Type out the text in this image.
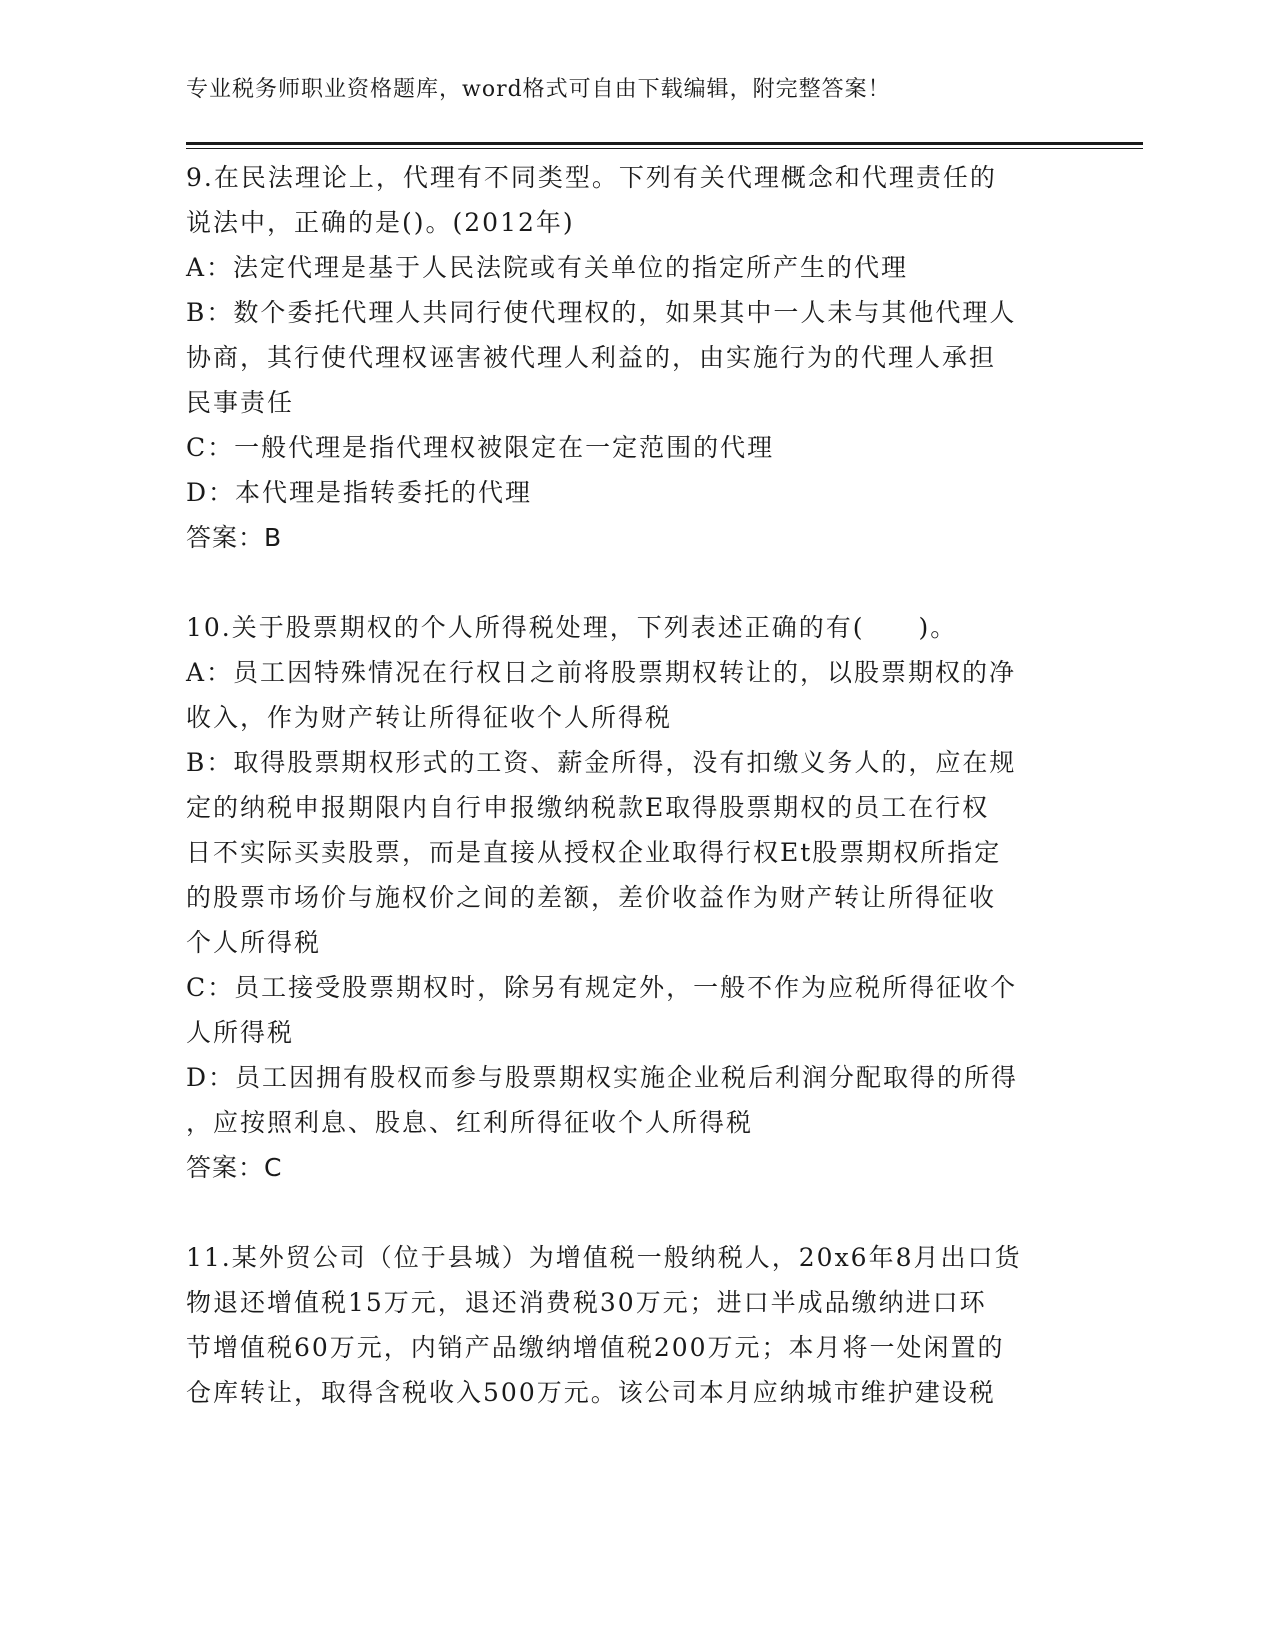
专业税务师职业资格题库，word格式可自由下载编辑，附完整答案！
9.在民法理论上，代理有不同类型。下列有关代理概念和代理责任的
说法中，正确的是()。(2012年)
A：法定代理是基于人民法院或有关单位的指定所产生的代理
B：数个委托代理人共同行使代理权的，如果其中一人未与其他代理人
协商，其行使代理权诬害被代理人利益的，由实施行为的代理人承担
民事责任
C：一般代理是指代理权被限定在一定范围的代理
D：本代理是指转委托的代理
答案：B
10.关于股票期权的个人所得税处理，下列表述正确的有(　　)。
A：员工因特殊情况在行权日之前将股票期权转让的，以股票期权的净
收入，作为财产转让所得征收个人所得税
B：取得股票期权形式的工资、薪金所得，没有扣缴义务人的，应在规
定的纳税申报期限内自行申报缴纳税款E取得股票期权的员工在行权
日不实际买卖股票，而是直接从授权企业取得行权Et股票期权所指定
的股票市场价与施权价之间的差额，差价收益作为财产转让所得征收
个人所得税
C：员工接受股票期权时，除另有规定外，一般不作为应税所得征收个
人所得税
D：员工因拥有股权而参与股票期权实施企业税后利润分配取得的所得
，应按照利息、股息、红利所得征收个人所得税
答案：C
11.某外贸公司（位于县城）为增值税一般纳税人，20x6年8月出口货
物退还增值税15万元，退还消费税30万元；进口半成品缴纳进口环
节增值税60万元，内销产品缴纳增值税200万元；本月将一处闲置的
仓库转让，取得含税收入500万元。该公司本月应纳城市维护建设税
